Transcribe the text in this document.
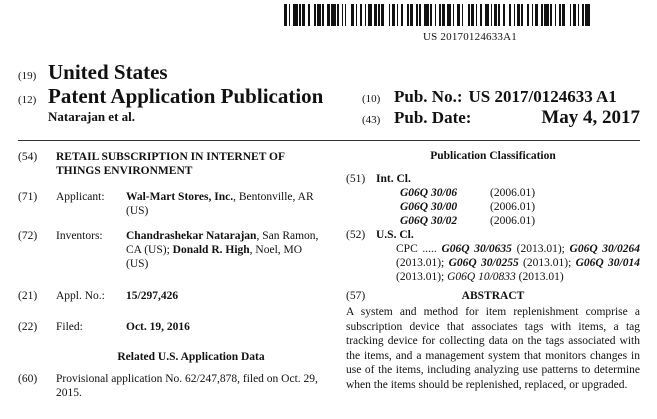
US 20170124633A1
(19) United States
(12) Patent Application Publication
Natarajan et al.
(10) Pub. No.: US 2017/0124633 A1
(43) Pub. Date:	May 4, 2017
(54) RETAIL SUBSCRIPTION IN INTERNET OF THINGS ENVIRONMENT
(71) Applicant: Wal-Mart Stores, Inc., Bentonville, AR (US)
(72) Inventors: Chandrashekar Natarajan, San Ramon, CA (US); Donald R. High, Noel, MO (US)
(21) Appl. No.: 15/297,426
(22) Filed:	Oct. 19, 2016
Related U.S. Application Data
(60) Provisional application No. 62/247,878, filed on Oct. 29, 2015.
Publication Classification
(51) Int. Cl.
G06Q 30/06	(2006.01)
G06Q 30/00	(2006.01)
G06Q 30/02	(2006.01)
(52) U.S. Cl.
CPC ..... G06Q 30/0635 (2013.01); G06Q 30/0264 (2013.01); G06Q 30/0255 (2013.01); G06Q 30/014 (2013.01); G06Q 10/0833 (2013.01)
(57)	ABSTRACT
A system and method for item replenishment comprise a subscription device that associates tags with items, a tag tracking device for collecting data on the tags associated with the items, and a management system that monitors changes in use of the items, including analyzing use patterns to determine when the items should be replenished, replaced, or upgraded.
